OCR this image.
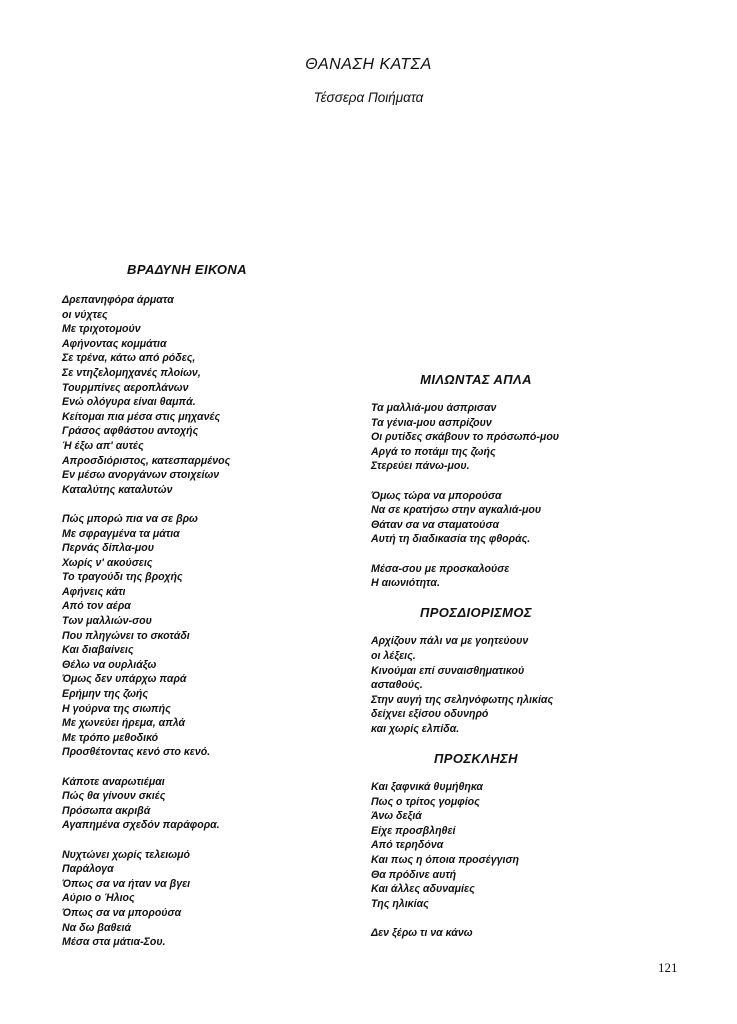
ΘΑΝΑΣΗ ΚΑΤΣΑ
Τέσσερα Ποιήματα
ΒΡΑΔΥΝΗ ΕΙΚΟΝΑ
Δρεπανηφόρα άρματα
οι νύχτες
Με τριχοτομούν
Αφήνοντας κομμάτια
Σε τρένα, κάτω από ρόδες,
Σε ντηζελομηχανές πλοίων,
Τουρμπίνες αεροπλάνων
Ενώ ολόγυρα είναι θαμπά.
Κείτομαι πια μέσα στις μηχανές
Γράσος αφθάστου αντοχής
Ή έξω απ' αυτές
Απροσδιόριστος, κατεσπαρμένος
Εν μέσω ανοργάνων στοιχείων
Καταλύτης καταλυτών
Πώς μπορώ πια να σε βρω
Με σφραγμένα τα μάτια
Περνάς δίπλα-μου
Χωρίς ν' ακούσεις
Το τραγούδι της βροχής
Αφήνεις κάτι
Από τον αέρα
Των μαλλιών-σου
Που πληγώνει το σκοτάδι
Και διαβαίνεις
Θέλω να ουρλιάξω
Όμως δεν υπάρχω παρά
Ερήμην της ζωής
Η γούρνα της σιωπής
Με χωνεύει ήρεμα, απλά
Με τρόπο μεθοδικό
Προσθέτοντας κενό στο κενό.
Κάποτε αναρωτιέμαι
Πώς θα γίνουν σκιές
Πρόσωπα ακριβά
Αγαπημένα σχεδόν παράφορα.
Νυχτώνει χωρίς τελειωμό
Παράλογα
Όπως σα να ήταν να βγει
Αύριο ο Ήλιος
Όπως σα να μπορούσα
Να δω βαθειά
Μέσα στα μάτια-Σου.
ΜΙΛΩΝΤΑΣ ΑΠΛΑ
Τα μαλλιά-μου άσπρισαν
Τα γένια-μου ασπρίζουν
Οι ρυτίδες σκάβουν το πρόσωπό-μου
Αργά το ποτάμι της ζωής
Στερεύει πάνω-μου.
Όμως τώρα να μπορούσα
Να σε κρατήσω στην αγκαλιά-μου
Θάταν σα να σταματούσα
Αυτή τη διαδικασία της φθοράς.
Μέσα-σου με προσκαλούσε
Η αιωνιότητα.
ΠΡΟΣΔΙΟΡΙΣΜΟΣ
Αρχίζουν πάλι να με γοητεύουν
οι λέξεις.
Κινούμαι επί συναισθηματικού
ασταθούς.
Στην αυγή της σεληνόφωτης ηλικίας
δείχνει εξίσου οδυνηρό
και χωρίς ελπίδα.
ΠΡΟΣΚΛΗΣΗ
Και ξαφνικά θυμήθηκα
Πως ο τρίτος γομφίος
Άνω δεξιά
Είχε προσβληθεί
Από τερηδόνα
Και πως η όποια προσέγγιση
Θα πρόδινε αυτή
Και άλλες αδυναμίες
Της ηλικίας
Δεν ξέρω τι να κάνω
121
